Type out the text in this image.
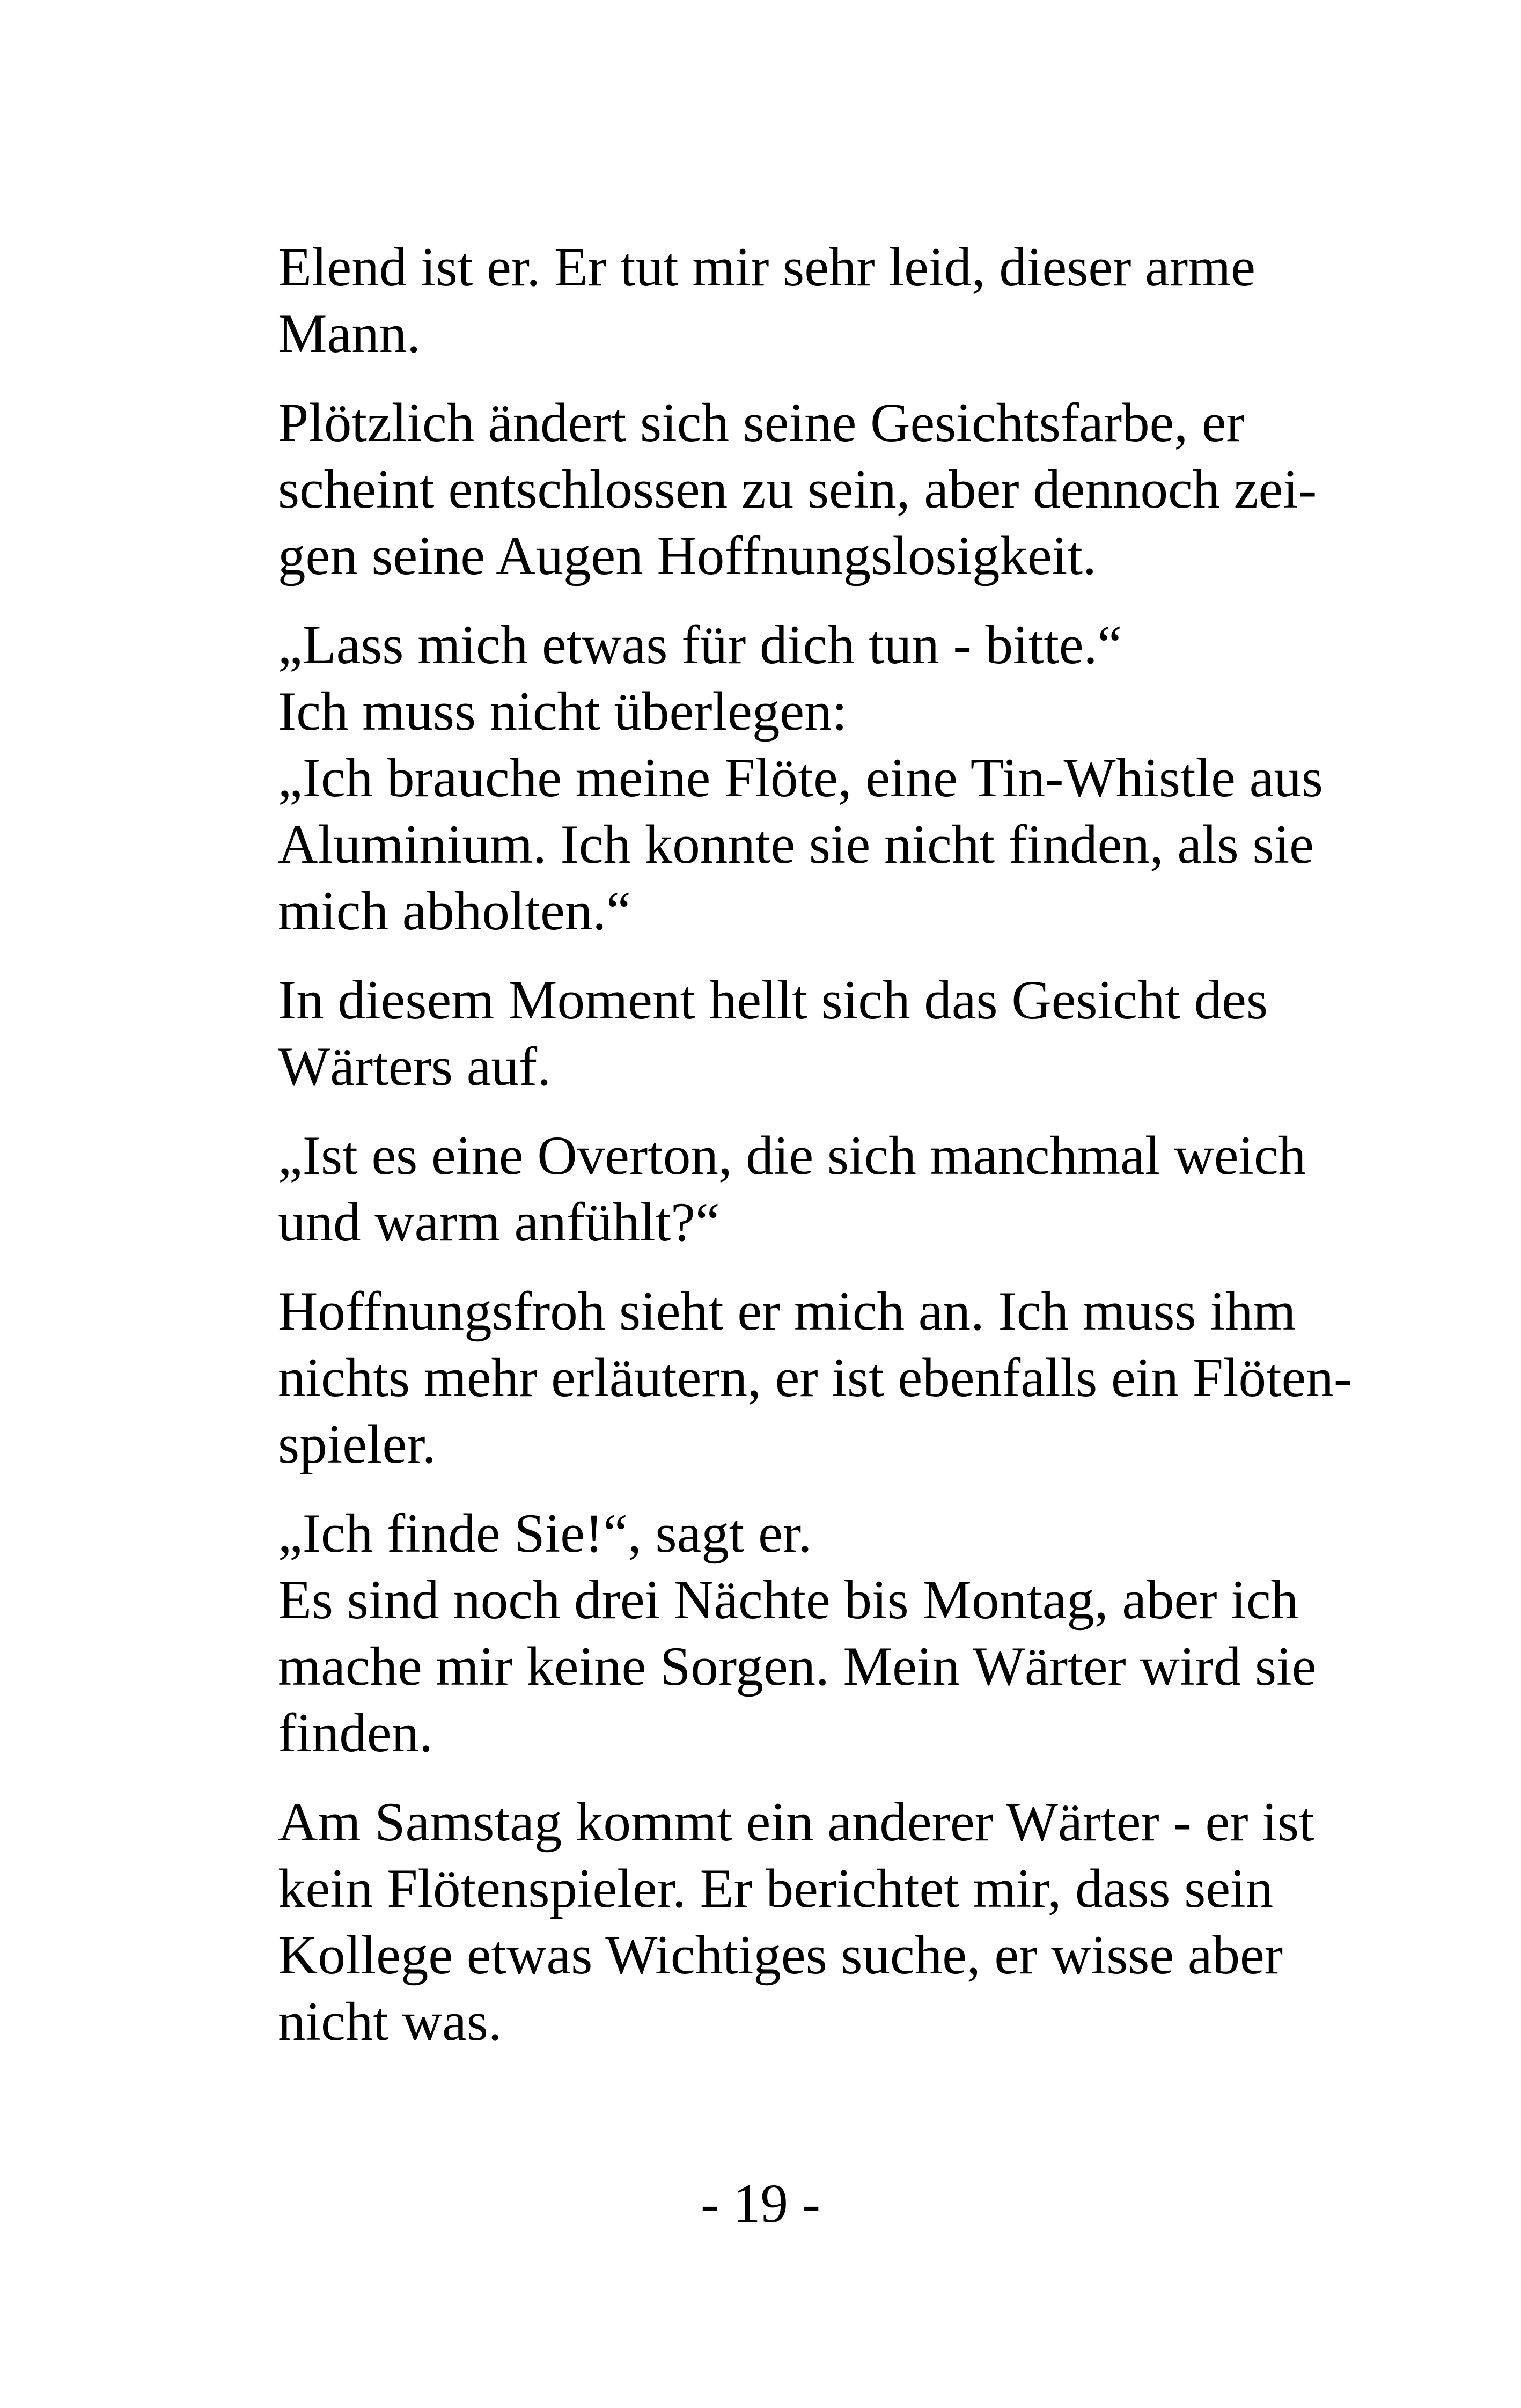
Elend ist er. Er tut mir sehr leid, dieser arme
Mann.

Plötzlich ändert sich seine Gesichtsfarbe, er
scheint entschlossen zu sein, aber dennoch zei-
gen seine Augen Hoffnungslosigkeit.

„Lass mich etwas für dich tun - bitte.“
Ich muss nicht überlegen:
„Ich brauche meine Flöte, eine Tin-Whistle aus
Aluminium. Ich konnte sie nicht finden, als sie
mich abholten.“

In diesem Moment hellt sich das Gesicht des
Wärters auf.

„Ist es eine Overton, die sich manchmal weich
und warm anfühlt?“

Hoffnungsfroh sieht er mich an. Ich muss ihm
nichts mehr erläutern, er ist ebenfalls ein Flöten-
spieler.

„Ich finde Sie!“, sagt er.
Es sind noch drei Nächte bis Montag, aber ich
mache mir keine Sorgen. Mein Wärter wird sie
finden.

Am Samstag kommt ein anderer Wärter - er ist
kein Flötenspieler. Er berichtet mir, dass sein
Kollege etwas Wichtiges suche, er wisse aber
nicht was.

- 19 -
